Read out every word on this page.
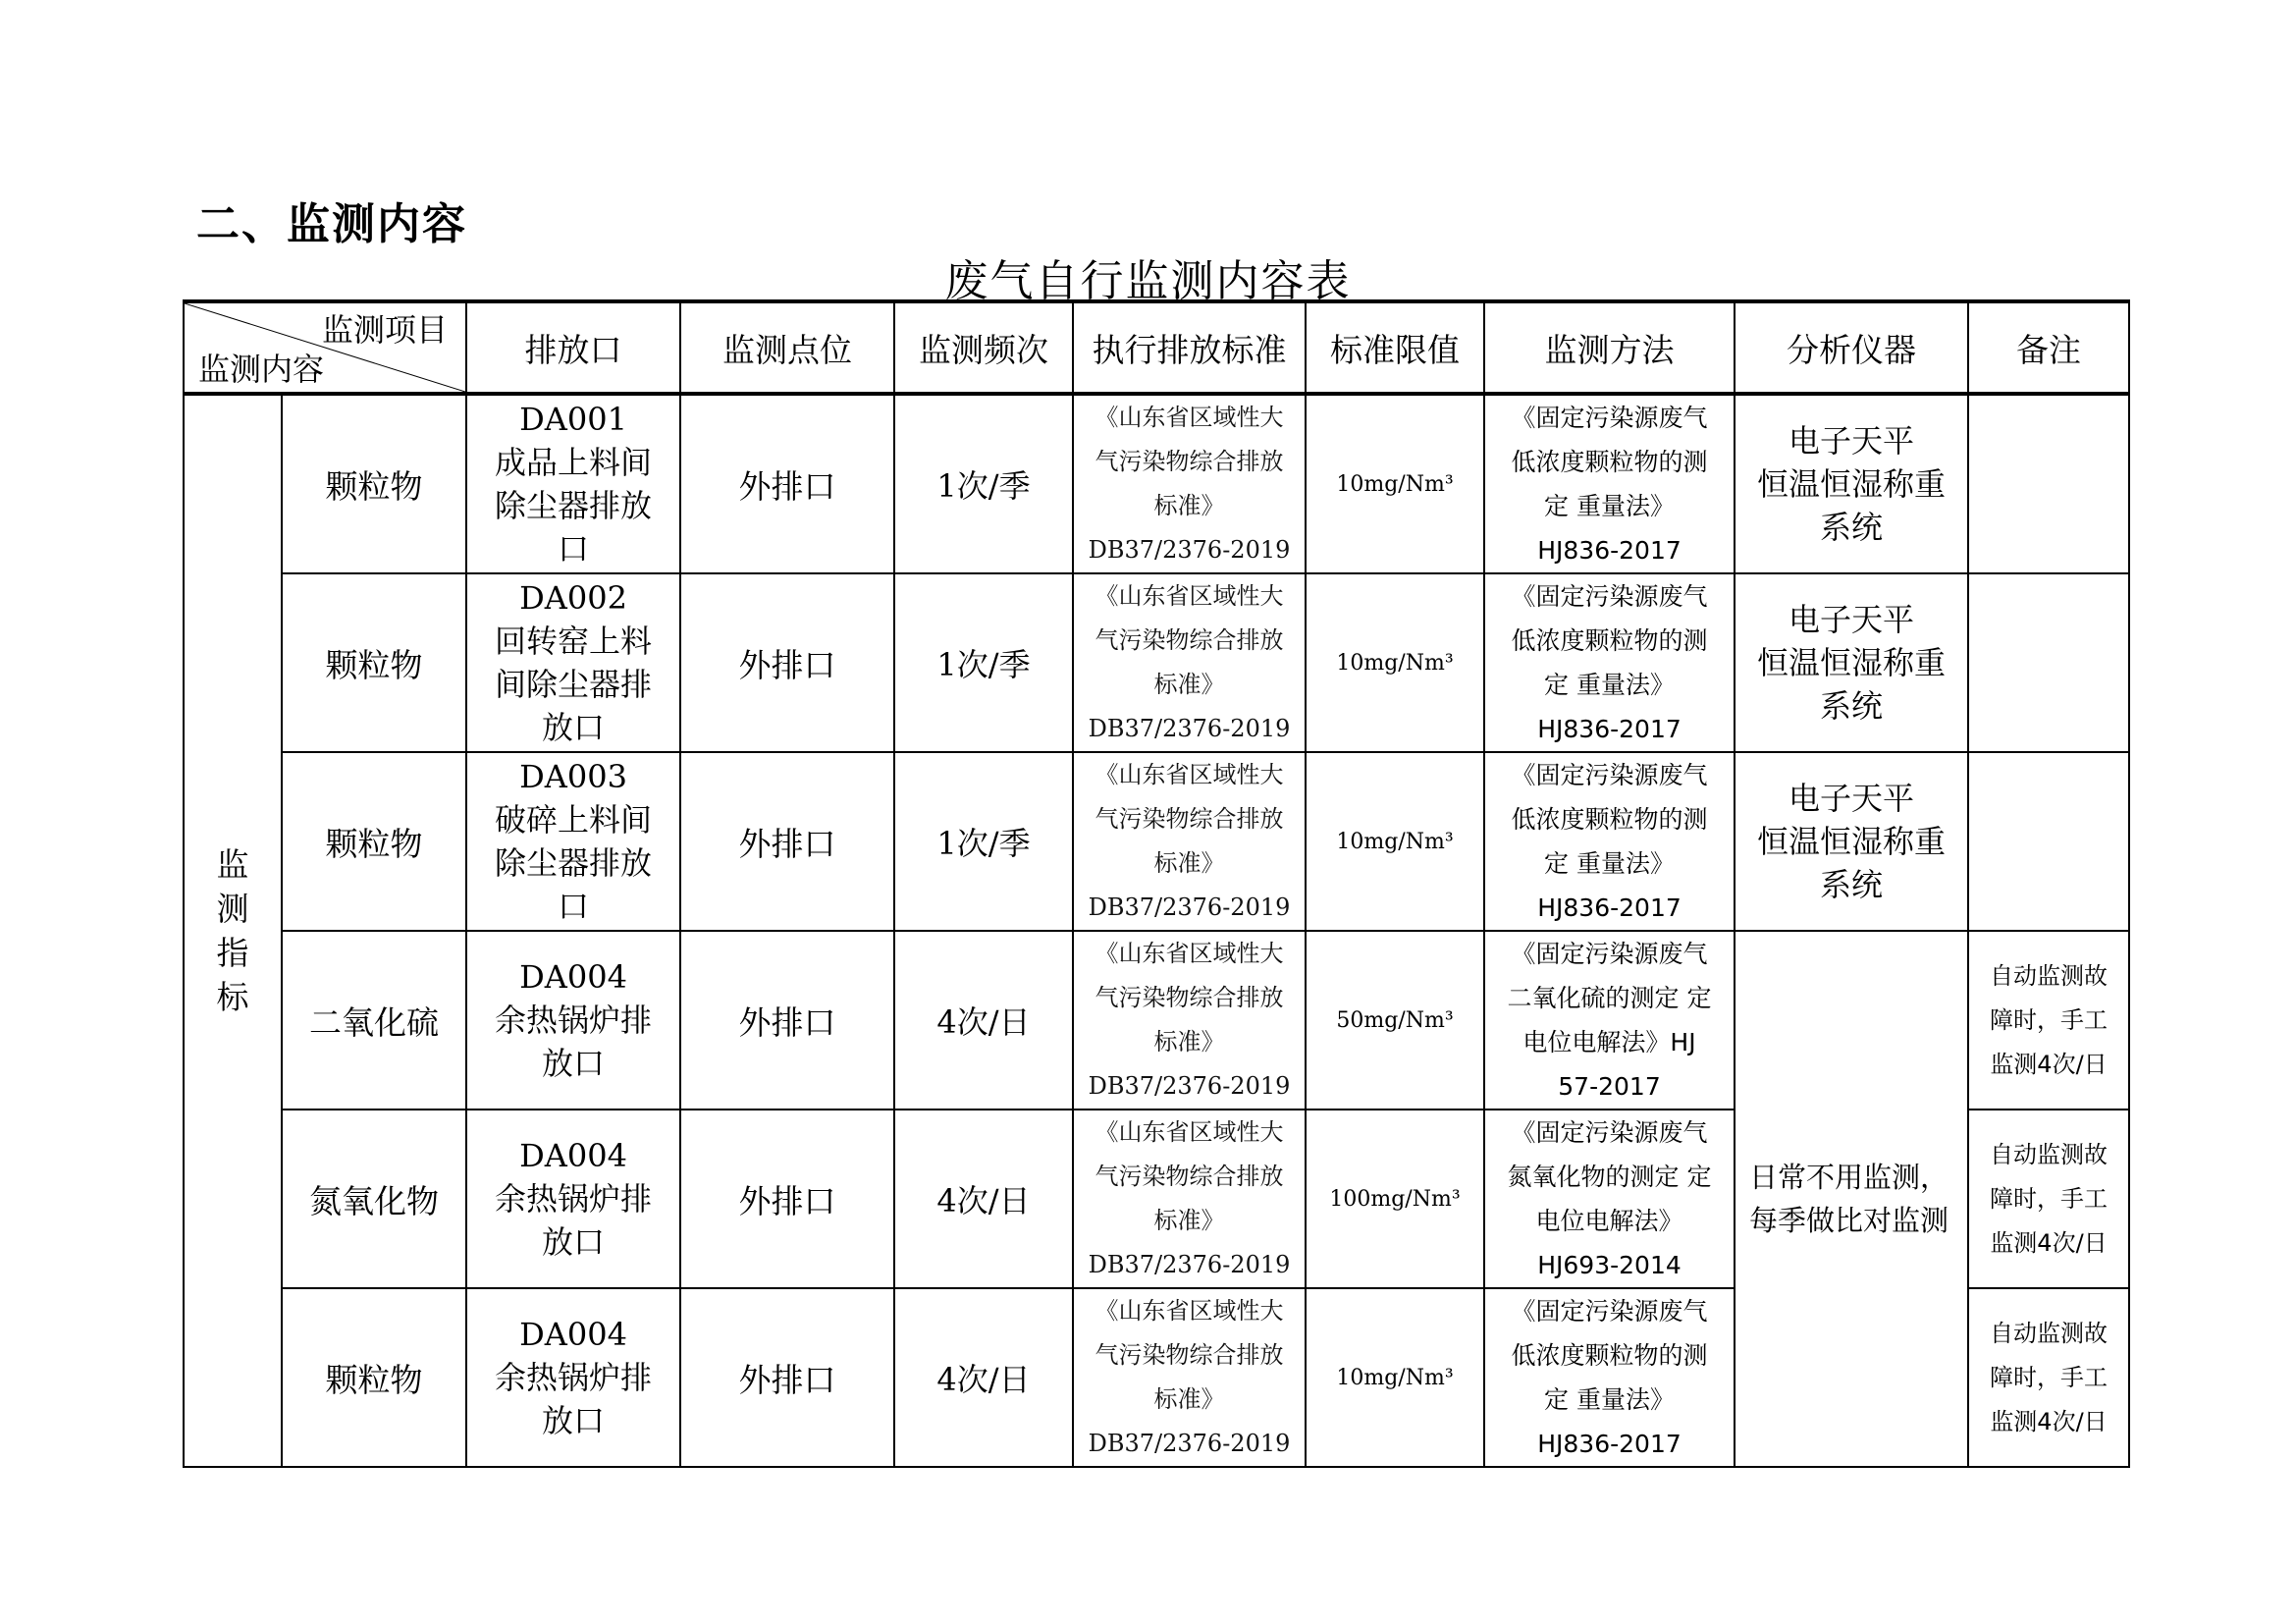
二、监测内容
废气自行监测内容表
监测项目
监测内容		排放口	监测点位	监测频次	执行排放标准	标准限值	监测方法	分析仪器	备注
监
测
指
标	颗粒物	DA001
成品上料间
除尘器排放
口	外排口	1次/季	《山东省区域性大
气污染物综合排放
标准》
DB37/2376-2019	10mg/Nm³	《固定污染源废气
低浓度颗粒物的测
定 重量法》
HJ836-2017	电子天平
恒温恒湿称重
系统	
	颗粒物	DA002
回转窑上料
间除尘器排
放口	外排口	1次/季	《山东省区域性大
气污染物综合排放
标准》
DB37/2376-2019	10mg/Nm³	《固定污染源废气
低浓度颗粒物的测
定 重量法》
HJ836-2017	电子天平
恒温恒湿称重
系统	
	颗粒物	DA003
破碎上料间
除尘器排放
口	外排口	1次/季	《山东省区域性大
气污染物综合排放
标准》
DB37/2376-2019	10mg/Nm³	《固定污染源废气
低浓度颗粒物的测
定 重量法》
HJ836-2017	电子天平
恒温恒湿称重
系统	
	二氧化硫	DA004
余热锅炉排
放口	外排口	4次/日	《山东省区域性大
气污染物综合排放
标准》
DB37/2376-2019	50mg/Nm³	《固定污染源废气
二氧化硫的测定 定
电位电解法》HJ
57-2017	日常不用监测，
每季做比对监测	自动监测故
障时，手工
监测4次/日
	氮氧化物	DA004
余热锅炉排
放口	外排口	4次/日	《山东省区域性大
气污染物综合排放
标准》
DB37/2376-2019	100mg/Nm³	《固定污染源废气
氮氧化物的测定 定
电位电解法》
HJ693-2014		自动监测故
障时，手工
监测4次/日
	颗粒物	DA004
余热锅炉排
放口	外排口	4次/日	《山东省区域性大
气污染物综合排放
标准》
DB37/2376-2019	10mg/Nm³	《固定污染源废气
低浓度颗粒物的测
定 重量法》
HJ836-2017		自动监测故
障时，手工
监测4次/日
